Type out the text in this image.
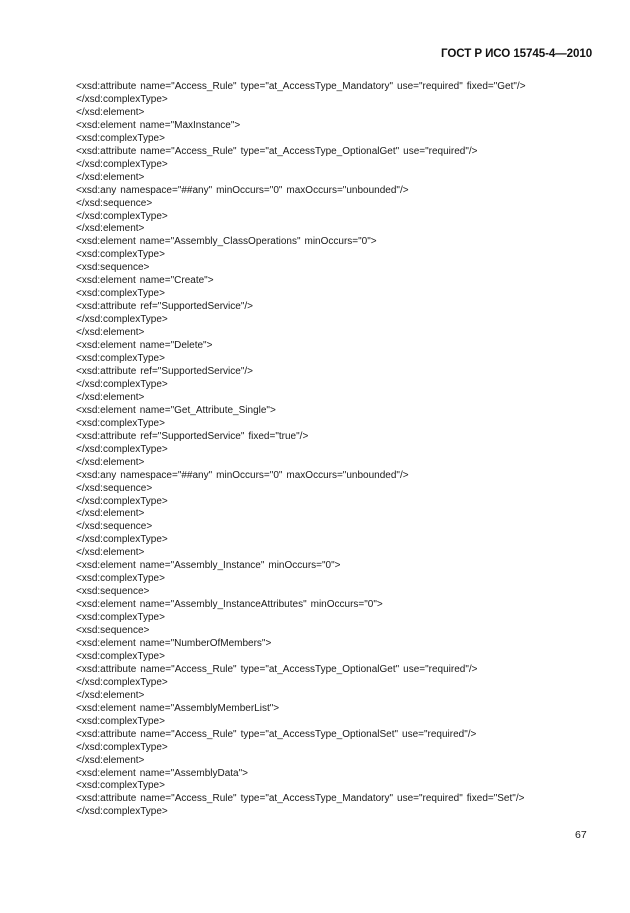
ГОСТ Р ИСО 15745-4—2010
<xsd:attribute name="Access_Rule" type="at_AccessType_Mandatory" use="required" fixed="Get"/>
</xsd:complexType>
</xsd:element>
<xsd:element name="MaxInstance">
<xsd:complexType>
<xsd:attribute name="Access_Rule" type="at_AccessType_OptionalGet" use="required"/>
</xsd:complexType>
</xsd:element>
<xsd:any namespace="##any" minOccurs="0" maxOccurs="unbounded"/>
</xsd:sequence>
</xsd:complexType>
</xsd:element>
<xsd:element name="Assembly_ClassOperations" minOccurs="0">
<xsd:complexType>
<xsd:sequence>
<xsd:element name="Create">
<xsd:complexType>
<xsd:attribute ref="SupportedService"/>
</xsd:complexType>
</xsd:element>
<xsd:element name="Delete">
<xsd:complexType>
<xsd:attribute ref="SupportedService"/>
</xsd:complexType>
</xsd:element>
<xsd:element name="Get_Attribute_Single">
<xsd:complexType>
<xsd:attribute ref="SupportedService" fixed="true"/>
</xsd:complexType>
</xsd:element>
<xsd:any namespace="##any" minOccurs="0" maxOccurs="unbounded"/>
</xsd:sequence>
</xsd:complexType>
</xsd:element>
</xsd:sequence>
</xsd:complexType>
</xsd:element>
<xsd:element name="Assembly_Instance" minOccurs="0">
<xsd:complexType>
<xsd:sequence>
<xsd:element name="Assembly_InstanceAttributes" minOccurs="0">
<xsd:complexType>
<xsd:sequence>
<xsd:element name="NumberOfMembers">
<xsd:complexType>
<xsd:attribute name="Access_Rule" type="at_AccessType_OptionalGet" use="required"/>
</xsd:complexType>
</xsd:element>
<xsd:element name="AssemblyMemberList">
<xsd:complexType>
<xsd:attribute name="Access_Rule" type="at_AccessType_OptionalSet" use="required"/>
</xsd:complexType>
</xsd:element>
<xsd:element name="AssemblyData">
<xsd:complexType>
<xsd:attribute name="Access_Rule" type="at_AccessType_Mandatory" use="required" fixed="Set"/>
</xsd:complexType>
67
